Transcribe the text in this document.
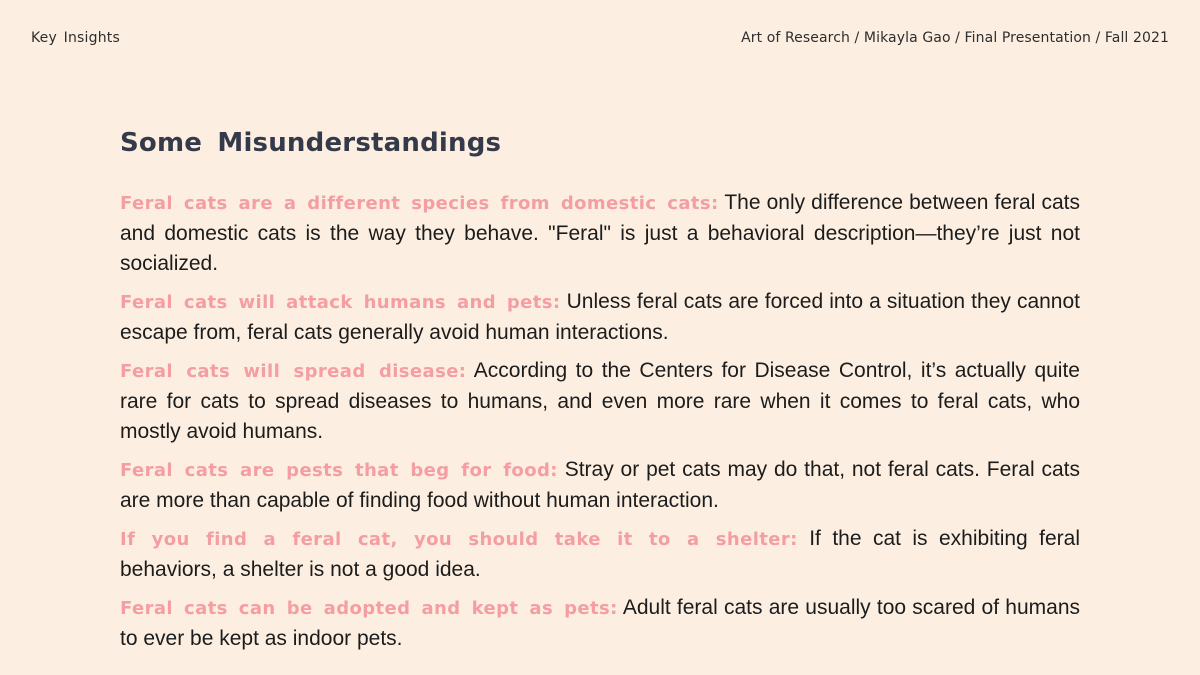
Key Insights	Art of Research / Mikayla Gao / Final Presentation / Fall 2021
Some Misunderstandings

Feral cats are a different species from domestic cats: The only difference between feral cats and domestic cats is the way they behave. "Feral" is just a behavioral description—they’re just not socialized.

Feral cats will attack humans and pets: Unless feral cats are forced into a situation they cannot escape from, feral cats generally avoid human interactions.

Feral cats will spread disease: According to the Centers for Disease Control, it’s actually quite rare for cats to spread diseases to humans, and even more rare when it comes to feral cats, who mostly avoid humans.

Feral cats are pests that beg for food: Stray or pet cats may do that, not feral cats. Feral cats are more than capable of finding food without human interaction.

If you find a feral cat, you should take it to a shelter: If the cat is exhibiting feral behaviors, a shelter is not a good idea.

Feral cats can be adopted and kept as pets: Adult feral cats are usually too scared of humans to ever be kept as indoor pets.
